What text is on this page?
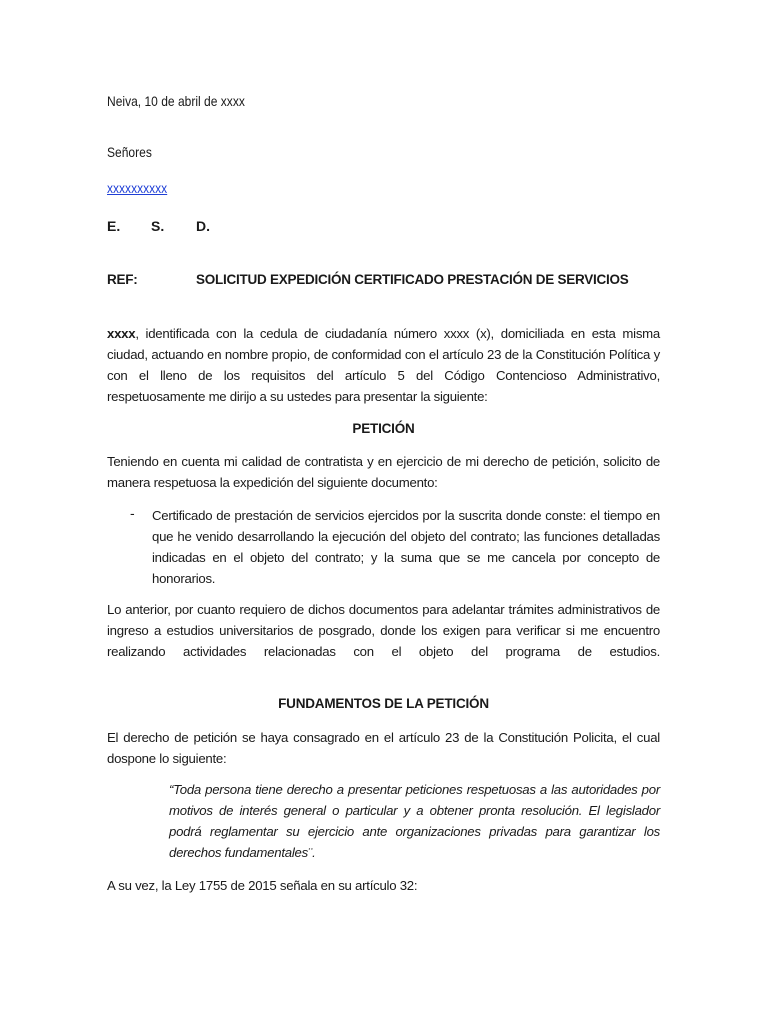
Neiva, 10 de abril de xxxx
Señores
xxxxxxxxxx
E. S. D.
REF:	SOLICITUD EXPEDICIÓN CERTIFICADO PRESTACIÓN DE SERVICIOS

xxxx, identificada con la cedula de ciudadanía número xxxx (x), domiciliada en esta misma ciudad, actuando en nombre propio, de conformidad con el artículo 23 de la Constitución Política y con el lleno de los requisitos del artículo 5 del Código Contencioso Administrativo, respetuosamente me dirijo a su ustedes para presentar la siguiente:

PETICIÓN

Teniendo en cuenta mi calidad de contratista y en ejercicio de mi derecho de petición, solicito de manera respetuosa la expedición del siguiente documento:

- Certificado de prestación de servicios ejercidos por la suscrita donde conste: el tiempo en que he venido desarrollando la ejecución del objeto del contrato; las funciones detalladas indicadas en el objeto del contrato; y la suma que se me cancela por concepto de honorarios.

Lo anterior, por cuanto requiero de dichos documentos para adelantar trámites administrativos de ingreso a estudios universitarios de posgrado, donde los exigen para verificar si me encuentro realizando actividades relacionadas con el objeto del programa de estudios.

FUNDAMENTOS DE LA PETICIÓN

El derecho de petición se haya consagrado en el artículo 23 de la Constitución Policita, el cual dospone lo siguiente:

“Toda persona tiene derecho a presentar peticiones respetuosas a las autoridades por motivos de interés general o particular y a obtener pronta resolución. El legislador podrá reglamentar su ejercicio ante organizaciones privadas para garantizar los derechos fundamentales¨.

A su vez, la Ley 1755 de 2015 señala en su artículo 32:
